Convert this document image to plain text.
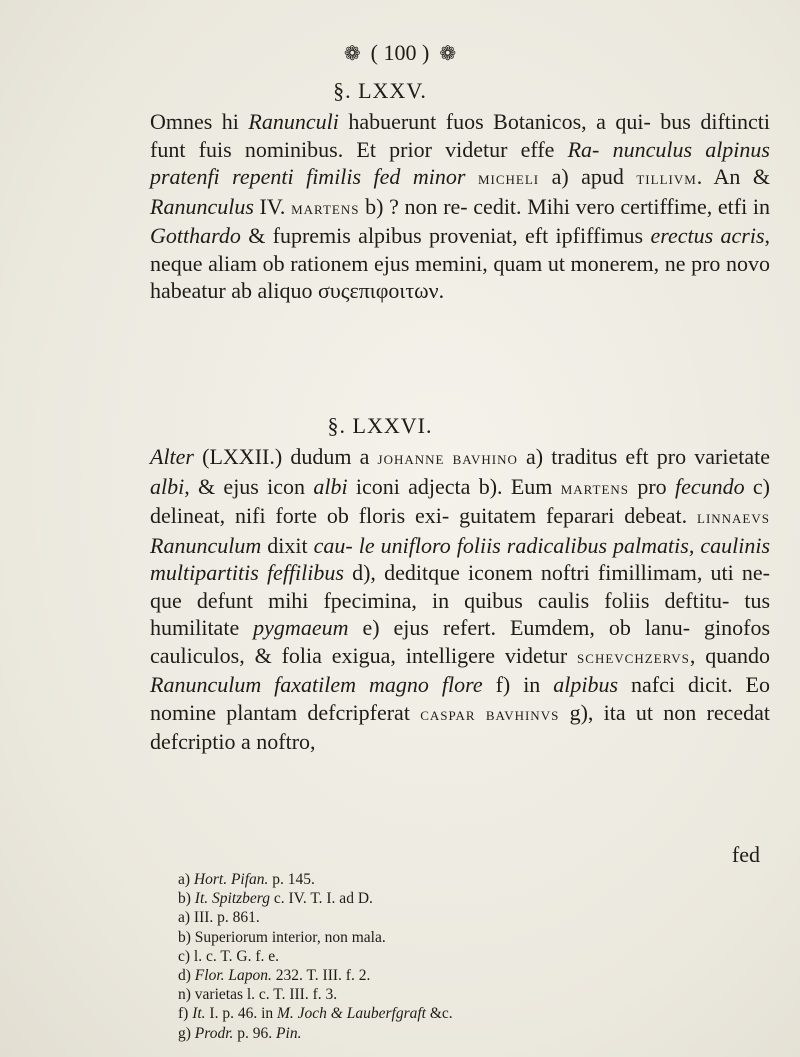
❁ ( 100 ) ❁
§. LXXV.

Omnes hi Ranunculi habuerunt fuos Botanicos, a qui- bus diftincti funt fuis nominibus. Et prior videtur effe Ra- nunculus alpinus pratenfi repenti fimilis fed minor micheli a) apud tillivm. An & Ranunculus IV. martens b) ? non re- cedit. Mihi vero certiffime, etfi in Gotthardo & fupremis alpibus proveniat, eft ipfiffimus erectus acris, neque aliam ob rationem ejus memini, quam ut monerem, ne pro novo habeatur ab aliquo συςεπιφοιτων.

§. LXXVI.

Alter (LXXII.) dudum a johanne bavhino a) traditus eft pro varietate albi, & ejus icon albi iconi adjecta b). Eum martens pro fecundo c) delineat, nifi forte ob floris exi- guitatem feparari debeat. linnaevs Ranunculum dixit cau- le unifloro foliis radicalibus palmatis, caulinis multipartitis feffilibus d), deditque iconem noftri fimillimam, uti ne- que defunt mihi fpecimina, in quibus caulis foliis deftitu- tus humilitate pygmaeum e) ejus refert. Eumdem, ob lanu- ginofos cauliculos, & folia exigua, intelligere videtur schevchzervs, quando Ranunculum faxatilem magno flore f) in alpibus nafci dicit. Eo nomine plantam defcripferat caspar bavhinvs g), ita ut non recedat defcriptio a noftro,

fed
a) Hort. Pifan. p. 145.
b) It. Spitzberg c. IV. T. I. ad D.
a) III. p. 861.
b) Superiorum interior, non mala.
c) l. c. T. G. f. e.
d) Flor. Lapon. 232. T. III. f. 2.
n) varietas l. c. T. III. f. 3.
f) It. I. p. 46. in M. Joch & Lauberfgraft &c.
g) Prodr. p. 96. Pin.
